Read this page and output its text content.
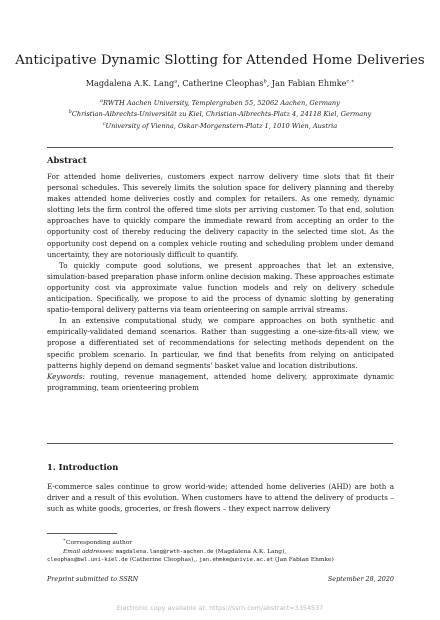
Anticipative Dynamic Slotting for Attended Home Deliveries

Magdalena A.K. Lang$^a$, Catherine Cleophas$^b$, Jan Fabian Ehmke$^{c,∗}$

$^a$RWTH Aachen University, Templergraben 55, 52062 Aachen, Germany
$^b$Christian-Albrechts-Universität zu Kiel, Christian-Albrechts-Platz 4, 24118 Kiel, Germany
$^c$University of Vienna, Oskar-Morgenstern-Platz 1, 1010 Wien, Austria
Abstract

For attended home deliveries, customers expect narrow delivery time slots that fit their personal schedules. This severely limits the solution space for delivery planning and thereby makes attended home deliveries costly and complex for retailers. As one remedy, dynamic slotting lets the firm control the offered time slots per arriving customer. To that end, solution approaches have to quickly compare the immediate reward from accepting an order to the opportunity cost of thereby reducing the delivery capacity in the selected time slot. As the opportunity cost depend on a complex vehicle routing and scheduling problem under demand uncertainty, they are notoriously difficult to quantify.

To quickly compute good solutions, we present approaches that let an extensive, simulation-based preparation phase inform online decision making. These approaches estimate opportunity cost via approximate value function models and rely on delivery schedule anticipation. Specifically, we propose to aid the process of dynamic slotting by generating spatio-temporal delivery patterns via team orienteering on sample arrival streams.

In an extensive computational study, we compare approaches on both synthetic and empirically-validated demand scenarios. Rather than suggesting a one-size-fits-all view, we propose a differentiated set of recommendations for selecting methods dependent on the specific problem scenario. In particular, we find that benefits from relying on anticipated patterns highly depend on demand segments' basket value and location distributions.

Keywords: routing, revenue management, attended home delivery, approximate dynamic programming, team orienteering problem

1. Introduction

E-commerce sales continue to grow world-wide; attended home deliveries (AHD) are both a driver and a result of this evolution. When customers have to attend the delivery of products – such as white goods, groceries, or fresh flowers – they expect narrow delivery

∗Corresponding author
Email addresses: magdalena.lang@rwth-aachen.de (Magdalena A.K. Lang),
cleophas@bwl.uni-kiel.de (Catherine Cleophas),, jan.ehmke@univie.ac.at (Jan Fabian Ehmke)

Preprint submitted to SSRN	September 28, 2020

Electronic copy available at: https://ssrn.com/abstract=3354537
